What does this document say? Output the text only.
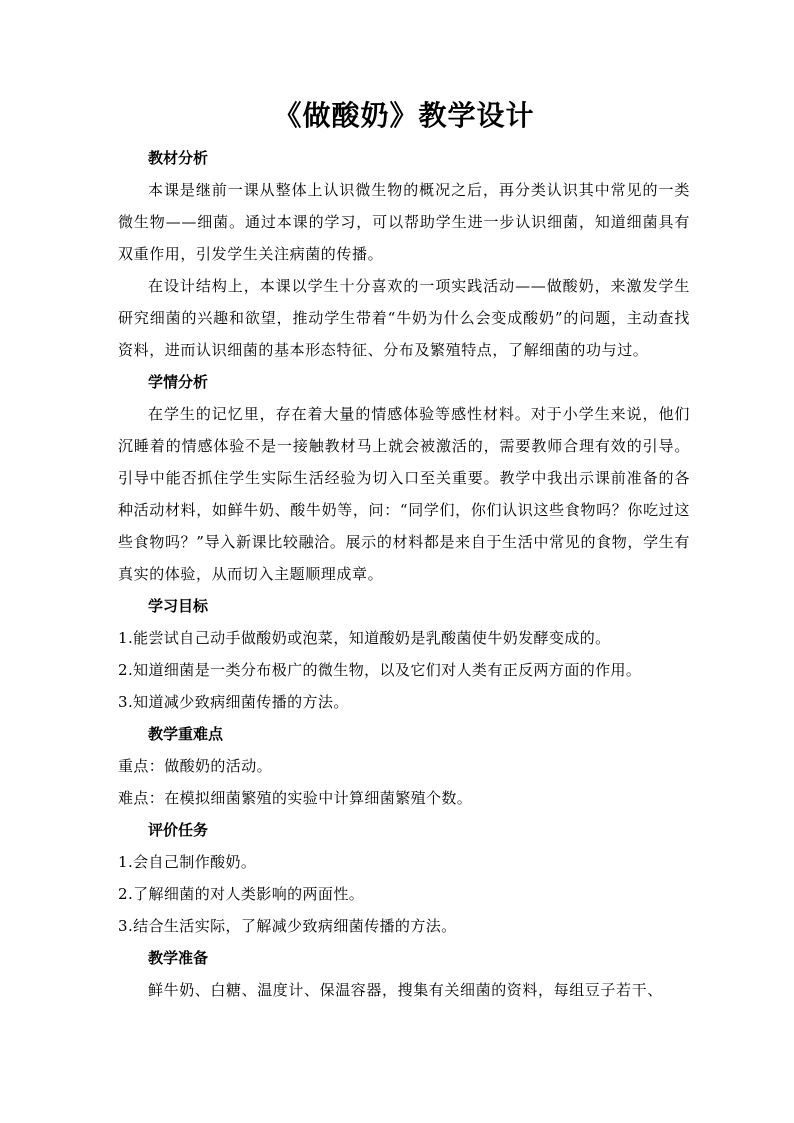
《做酸奶》教学设计
教材分析
本课是继前一课从整体上认识微生物的概况之后，再分类认识其中常见的一类微生物——细菌。通过本课的学习，可以帮助学生进一步认识细菌，知道细菌具有双重作用，引发学生关注病菌的传播。
在设计结构上，本课以学生十分喜欢的一项实践活动——做酸奶，来激发学生研究细菌的兴趣和欲望，推动学生带着“牛奶为什么会变成酸奶”的问题，主动查找资料，进而认识细菌的基本形态特征、分布及繁殖特点，了解细菌的功与过。
学情分析
在学生的记忆里，存在着大量的情感体验等感性材料。对于小学生来说，他们沉睡着的情感体验不是一接触教材马上就会被激活的，需要教师合理有效的引导。引导中能否抓住学生实际生活经验为切入口至关重要。教学中我出示课前准备的各种活动材料，如鲜牛奶、酸牛奶等，问：“同学们，你们认识这些食物吗？你吃过这些食物吗？”导入新课比较融洽。展示的材料都是来自于生活中常见的食物，学生有真实的体验，从而切入主题顺理成章。
学习目标
1.能尝试自己动手做酸奶或泡菜，知道酸奶是乳酸菌使牛奶发酵变成的。
2.知道细菌是一类分布极广的微生物，以及它们对人类有正反两方面的作用。
3.知道减少致病细菌传播的方法。
教学重难点
重点：做酸奶的活动。
难点：在模拟细菌繁殖的实验中计算细菌繁殖个数。
评价任务
1.会自己制作酸奶。
2.了解细菌的对人类影响的两面性。
3.结合生活实际，了解减少致病细菌传播的方法。
教学准备
鲜牛奶、白糖、温度计、保温容器，搜集有关细菌的资料，每组豆子若干、
